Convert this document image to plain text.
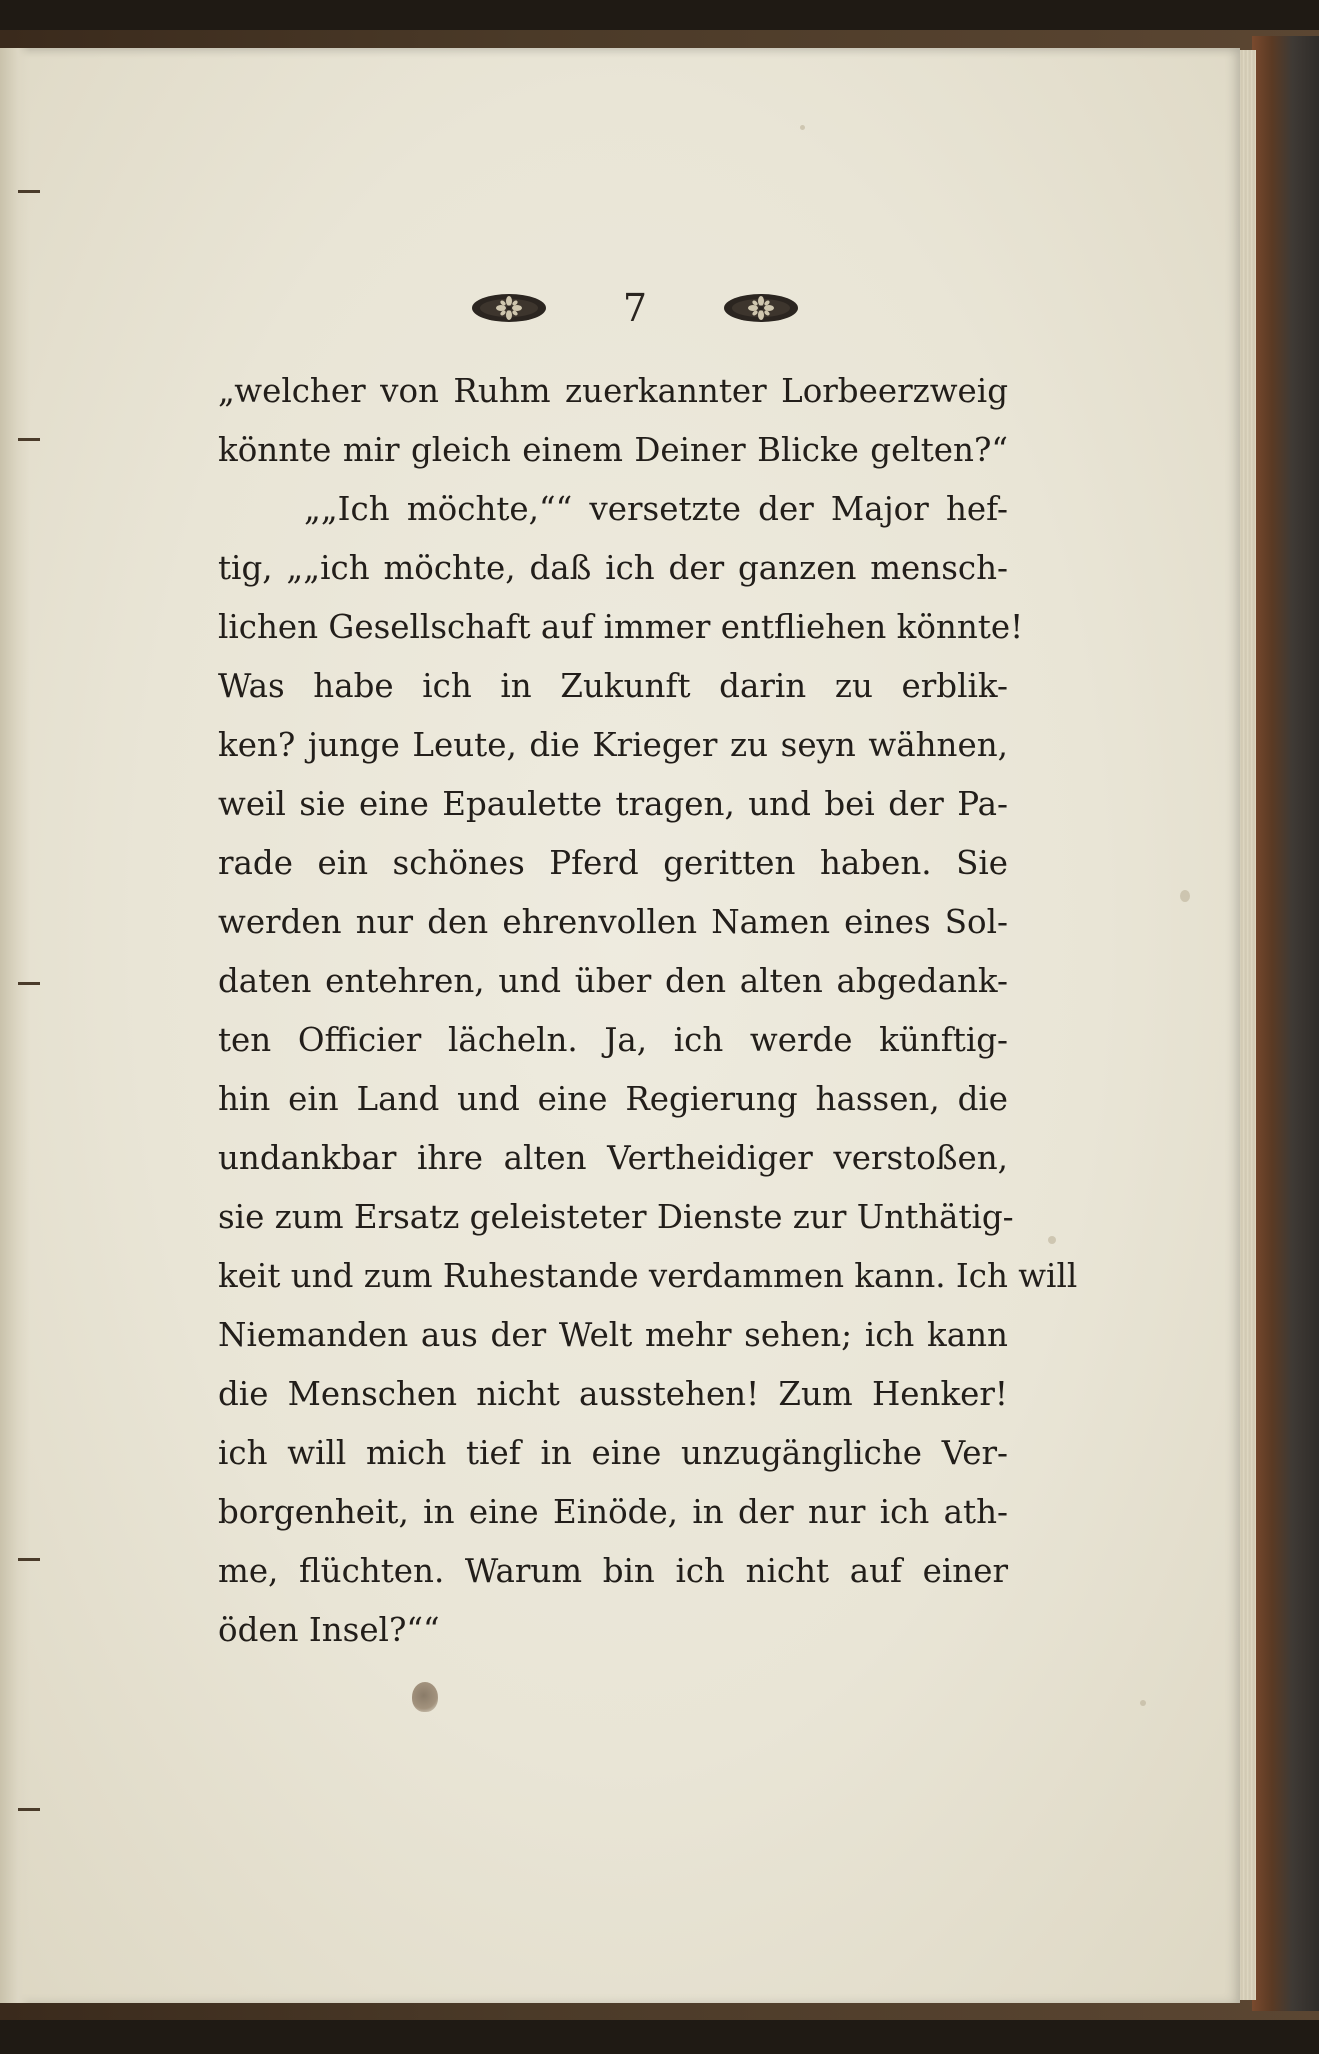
7
„welcher von Ruhm zuerkannter Lorbeerzweig
könnte mir gleich einem Deiner Blicke gelten?“
„„Ich möchte,““ versetzte der Major hef-
tig, „„ich möchte, daß ich der ganzen mensch-
lichen Gesellschaft auf immer entfliehen könnte!
Was habe ich in Zukunft darin zu erblik-
ken? junge Leute, die Krieger zu seyn wähnen,
weil sie eine Epaulette tragen, und bei der Pa-
rade ein schönes Pferd geritten haben. Sie
werden nur den ehrenvollen Namen eines Sol-
daten entehren, und über den alten abgedank-
ten Officier lächeln. Ja, ich werde künftig-
hin ein Land und eine Regierung hassen, die
undankbar ihre alten Vertheidiger verstoßen,
sie zum Ersatz geleisteter Dienste zur Unthätig-
keit und zum Ruhestande verdammen kann. Ich will
Niemanden aus der Welt mehr sehen; ich kann
die Menschen nicht ausstehen! Zum Henker!
ich will mich tief in eine unzugängliche Ver-
borgenheit, in eine Einöde, in der nur ich ath-
me, flüchten. Warum bin ich nicht auf einer
öden Insel?““
